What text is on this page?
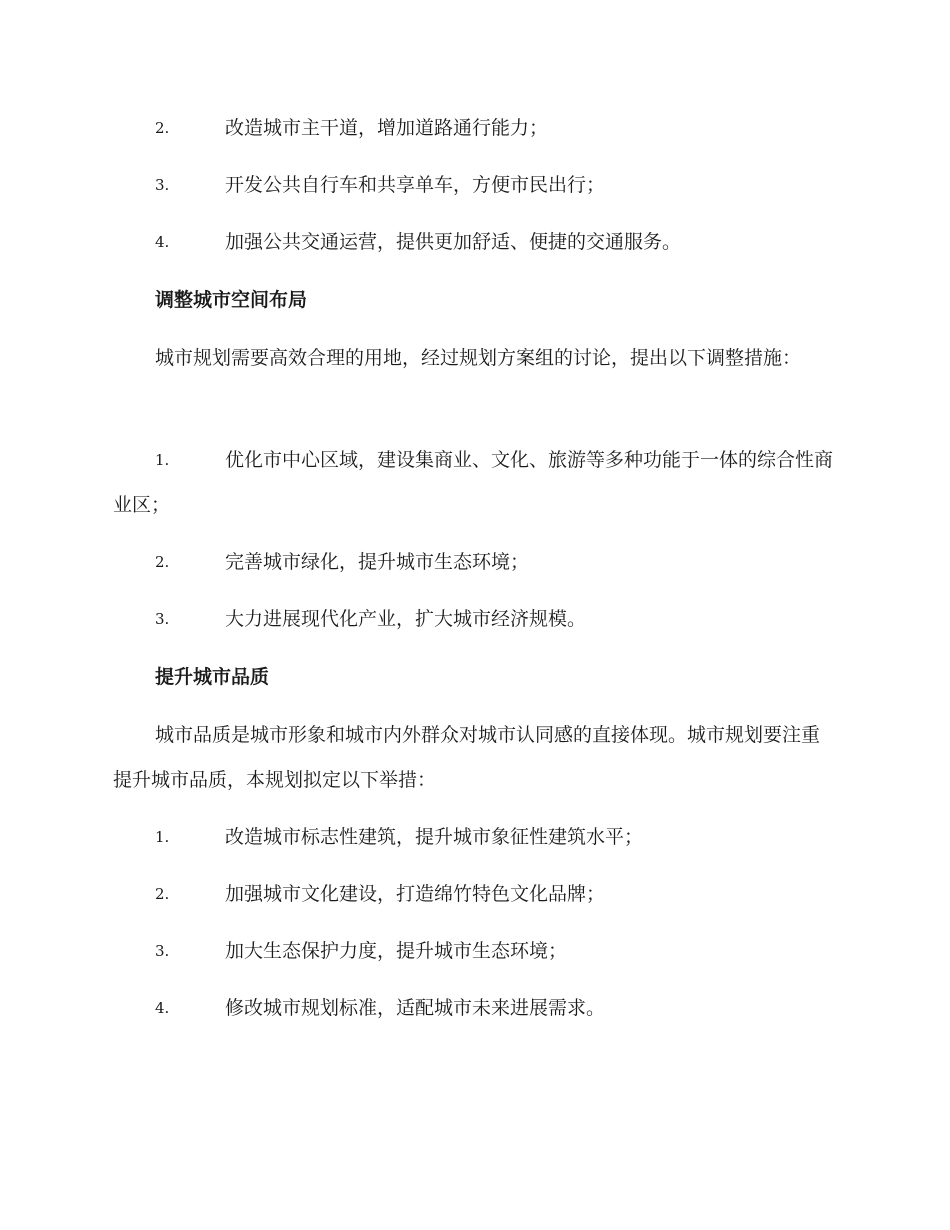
2.	改造城市主干道，增加道路通行能力；
3.	开发公共自行车和共享单车，方便市民出行；
4.	加强公共交通运营，提供更加舒适、便捷的交通服务。
调整城市空间布局
城市规划需要高效合理的用地，经过规划方案组的讨论，提出以下调整措施：
1.	优化市中心区域，建设集商业、文化、旅游等多种功能于一体的综合性商业区；
2.	完善城市绿化，提升城市生态环境；
3.	大力进展现代化产业，扩大城市经济规模。
提升城市品质
城市品质是城市形象和城市内外群众对城市认同感的直接体现。城市规划要注重提升城市品质，本规划拟定以下举措：
1.	改造城市标志性建筑，提升城市象征性建筑水平；
2.	加强城市文化建设，打造绵竹特色文化品牌；
3.	加大生态保护力度，提升城市生态环境；
4.	修改城市规划标准，适配城市未来进展需求。
